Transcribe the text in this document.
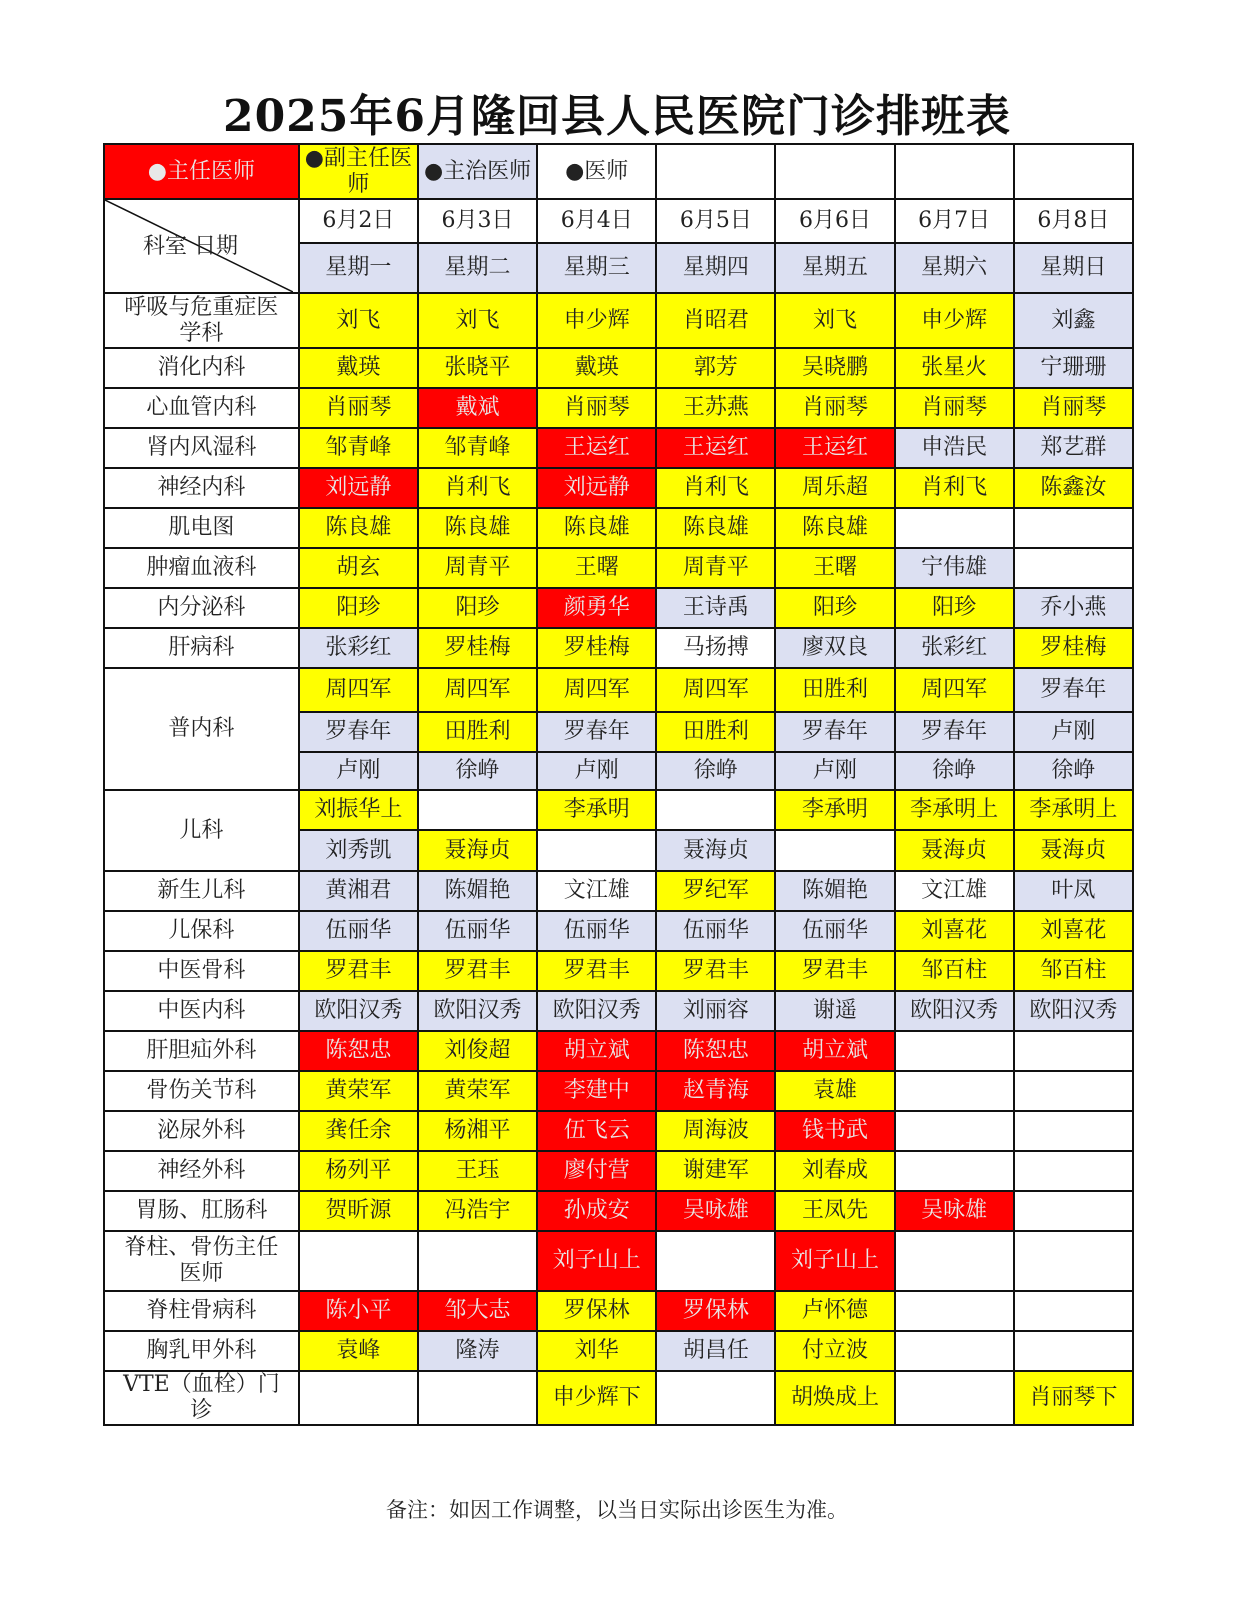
2025年6月隆回县人民医院门诊排班表
●主任医师	●副主任医师	●主治医师	●医师				

科室 日期	6月2日	6月3日	6月4日	6月5日	6月6日	6月7日	6月8日
	星期一	星期二	星期三	星期四	星期五	星期六	星期日
呼吸与危重症医学科	刘飞	刘飞	申少辉	肖昭君	刘飞	申少辉	刘鑫
消化内科	戴瑛	张晓平	戴瑛	郭芳	吴晓鹏	张星火	宁珊珊
心血管内科	肖丽琴	戴斌	肖丽琴	王苏燕	肖丽琴	肖丽琴	肖丽琴
肾内风湿科	邹青峰	邹青峰	王运红	王运红	王运红	申浩民	郑艺群
神经内科	刘远静	肖利飞	刘远静	肖利飞	周乐超	肖利飞	陈鑫汝
肌电图	陈良雄	陈良雄	陈良雄	陈良雄	陈良雄		
肿瘤血液科	胡玄	周青平	王曙	周青平	王曙	宁伟雄	
内分泌科	阳珍	阳珍	颜勇华	王诗禹	阳珍	阳珍	乔小燕
肝病科	张彩红	罗桂梅	罗桂梅	马扬搏	廖双良	张彩红	罗桂梅
普内科	周四军	周四军	周四军	周四军	田胜利	周四军	罗春年
	罗春年	田胜利	罗春年	田胜利	罗春年	罗春年	卢刚
	卢刚	徐峥	卢刚	徐峥	卢刚	徐峥	徐峥
儿科	刘振华上		李承明		李承明	李承明上	李承明上
	刘秀凯	聂海贞		聂海贞		聂海贞	聂海贞
新生儿科	黄湘君	陈媚艳	文江雄	罗纪军	陈媚艳	文江雄	叶凤
儿保科	伍丽华	伍丽华	伍丽华	伍丽华	伍丽华	刘喜花	刘喜花
中医骨科	罗君丰	罗君丰	罗君丰	罗君丰	罗君丰	邹百柱	邹百柱
中医内科	欧阳汉秀	欧阳汉秀	欧阳汉秀	刘丽容	谢遥	欧阳汉秀	欧阳汉秀
肝胆疝外科	陈恕忠	刘俊超	胡立斌	陈恕忠	胡立斌		
骨伤关节科	黄荣军	黄荣军	李建中	赵青海	袁雄		
泌尿外科	龚任余	杨湘平	伍飞云	周海波	钱书武		
神经外科	杨列平	王珏	廖付营	谢建军	刘春成		
胃肠、肛肠科	贺昕源	冯浩宇	孙成安	吴咏雄	王凤先	吴咏雄	
脊柱、骨伤主任医师			刘子山上		刘子山上		
脊柱骨病科	陈小平	邹大志	罗保林	罗保林	卢怀德		
胸乳甲外科	袁峰	隆涛	刘华	胡昌任	付立波		
VTE（血栓）门诊			申少辉下		胡焕成上		肖丽琴下
备注：如因工作调整，以当日实际出诊医生为准。
